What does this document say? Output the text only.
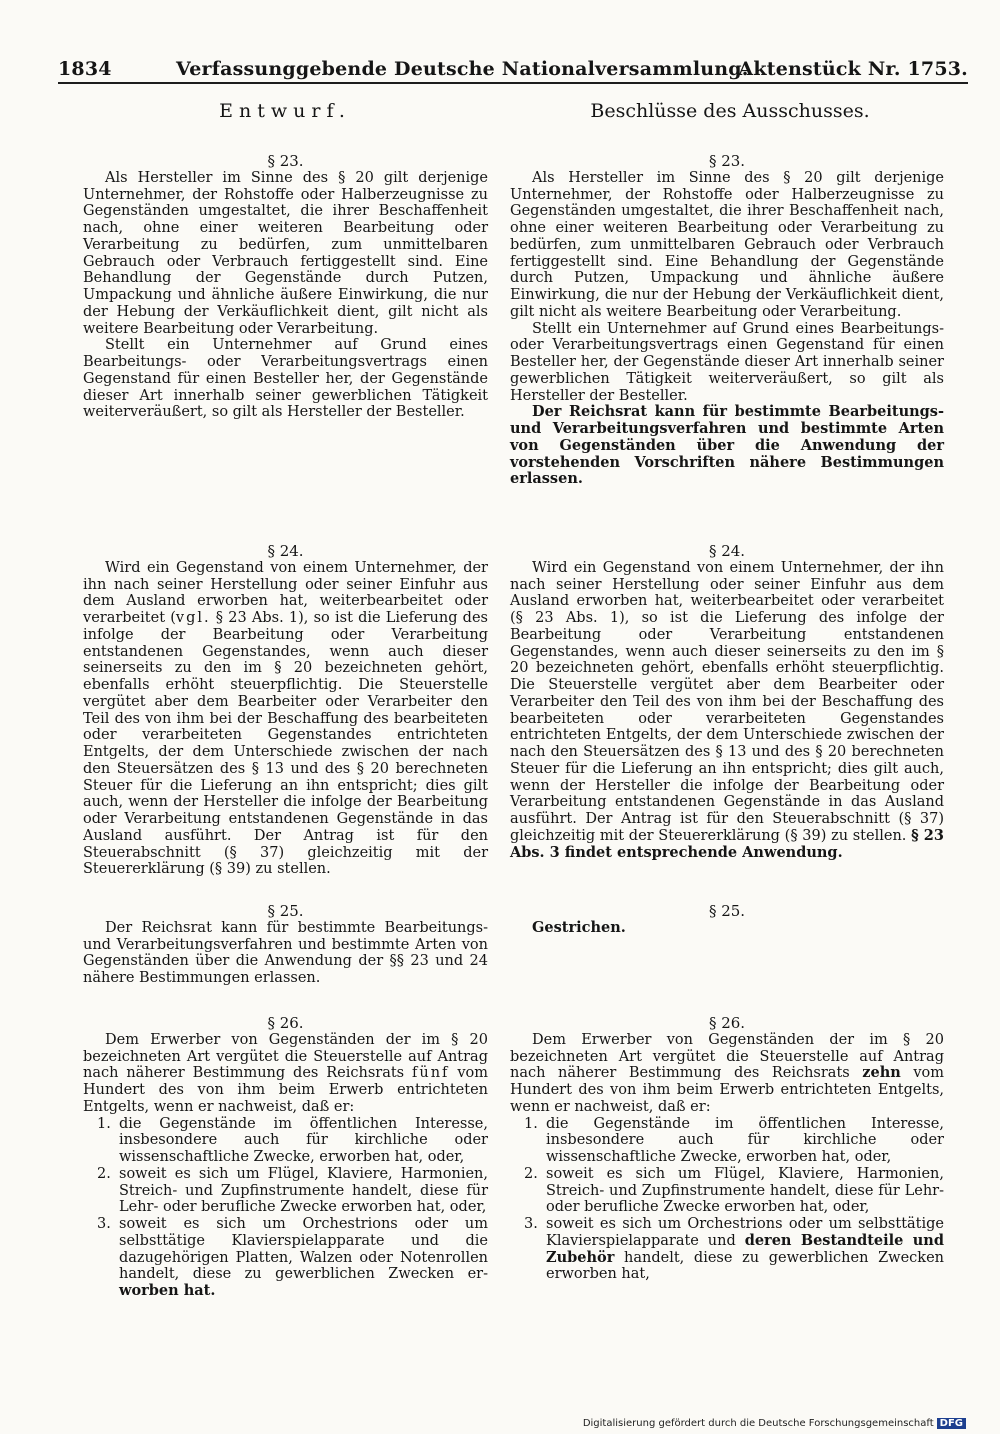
1834	Verfassunggebende Deutsche Nationalversammlung.
Aktenstück Nr. 1753.
Entwurf.	Beschlüsse des Ausschusses.
§ 23.

Als Hersteller im Sinne des § 20 gilt derjenige Unternehmer, der Rohstoffe oder Halberzeugnisse zu Gegenständen umgestaltet, die ihrer Beschaffenheit nach, ohne einer weiteren Bearbeitung oder Verarbeitung zu bedürfen, zum unmittelbaren Gebrauch oder Verbrauch fertiggestellt sind. Eine Behandlung der Gegenstände durch Putzen, Umpackung und ähnliche äußere Einwirkung, die nur der Hebung der Verkäuflichkeit dient, gilt nicht als weitere Bearbeitung oder Verarbeitung.

Stellt ein Unternehmer auf Grund eines Bearbeitungs- oder Verarbeitungsvertrags einen Gegenstand für einen Besteller her, der Gegenstände dieser Art innerhalb seiner gewerblichen Tätigkeit weiterveräußert, so gilt als Hersteller der Besteller.

§ 24.

Wird ein Gegenstand von einem Unternehmer, der ihn nach seiner Herstellung oder seiner Einfuhr aus dem Ausland erworben hat, weiterbearbeitet oder verarbeitet (vgl. § 23 Abs. 1), so ist die Lieferung des infolge der Bearbeitung oder Verarbeitung entstandenen Gegenstandes, wenn auch dieser seinerseits zu den im § 20 bezeichneten gehört, ebenfalls erhöht steuerpflichtig. Die Steuerstelle vergütet aber dem Bearbeiter oder Verarbeiter den Teil des von ihm bei der Beschaffung des bearbeiteten oder verarbeiteten Gegenstandes entrichteten Entgelts, der dem Unterschiede zwischen der nach den Steuersätzen des § 13 und des § 20 berechneten Steuer für die Lieferung an ihn entspricht; dies gilt auch, wenn der Hersteller die infolge der Bearbeitung oder Verarbeitung entstandenen Gegenstände in das Ausland ausführt. Der Antrag ist für den Steuerabschnitt (§ 37) gleichzeitig mit der Steuererklärung (§ 39) zu stellen.

§ 25.

Der Reichsrat kann für bestimmte Bearbeitungs- und Verarbeitungsverfahren und bestimmte Arten von Gegenständen über die Anwendung der §§ 23 und 24 nähere Bestimmungen erlassen.

§ 26.

Dem Erwerber von Gegenständen der im § 20 bezeichneten Art vergütet die Steuerstelle auf Antrag nach näherer Bestimmung des Reichsrats fünf vom Hundert des von ihm beim Erwerb entrichteten Entgelts, wenn er nachweist, daß er:

1. die Gegenstände im öffentlichen Interesse, insbesondere auch für kirchliche oder wissenschaftliche Zwecke, erworben hat, oder,
2. soweit es sich um Flügel, Klaviere, Harmonien, Streich- und Zupfinstrumente handelt, diese für Lehr- oder berufliche Zwecke erworben hat, oder,
3. soweit es sich um Orchestrions oder um selbsttätige Klavierspielapparate und die dazugehörigen Platten, Walzen oder Notenrollen handelt, diese zu gewerblichen Zwecken er- worben hat.
§ 23.

Als Hersteller im Sinne des § 20 gilt derjenige Unternehmer, der Rohstoffe oder Halberzeugnisse zu Gegenständen umgestaltet, die ihrer Beschaffenheit nach, ohne einer weiteren Bearbeitung oder Verarbeitung zu bedürfen, zum unmittelbaren Gebrauch oder Verbrauch fertiggestellt sind. Eine Behandlung der Gegenstände durch Putzen, Umpackung und ähnliche äußere Einwirkung, die nur der Hebung der Verkäuflichkeit dient, gilt nicht als weitere Bearbeitung oder Verarbeitung.

Stellt ein Unternehmer auf Grund eines Bearbeitungs- oder Verarbeitungsvertrags einen Gegenstand für einen Besteller her, der Gegenstände dieser Art innerhalb seiner gewerblichen Tätigkeit weiterveräußert, so gilt als Hersteller der Besteller.

Der Reichsrat kann für bestimmte Bearbeitungs- und Verarbeitungsverfahren und bestimmte Arten von Gegenständen über die Anwendung der vorstehenden Vorschriften nähere Bestimmungen erlassen.

§ 24.

Wird ein Gegenstand von einem Unternehmer, der ihn nach seiner Herstellung oder seiner Einfuhr aus dem Ausland erworben hat, weiterbearbeitet oder verarbeitet (§ 23 Abs. 1), so ist die Lieferung des infolge der Bearbeitung oder Verarbeitung entstandenen Gegenstandes, wenn auch dieser seinerseits zu den im § 20 bezeichneten gehört, ebenfalls erhöht steuerpflichtig. Die Steuerstelle vergütet aber dem Bearbeiter oder Verarbeiter den Teil des von ihm bei der Beschaffung des bearbeiteten oder verarbeiteten Gegenstandes entrichteten Entgelts, der dem Unterschiede zwischen der nach den Steuersätzen des § 13 und des § 20 berechneten Steuer für die Lieferung an ihn entspricht; dies gilt auch, wenn der Hersteller die infolge der Bearbeitung oder Verarbeitung entstandenen Gegenstände in das Ausland ausführt. Der Antrag ist für den Steuerabschnitt (§ 37) gleichzeitig mit der Steuererklärung (§ 39) zu stellen. § 23 Abs. 3 findet entsprechende Anwendung.

§ 25.

Gestrichen.

§ 26.

Dem Erwerber von Gegenständen der im § 20 bezeichneten Art vergütet die Steuerstelle auf Antrag nach näherer Bestimmung des Reichsrats zehn vom Hundert des von ihm beim Erwerb entrichteten Entgelts, wenn er nachweist, daß er:

1. die Gegenstände im öffentlichen Interesse, insbesondere auch für kirchliche oder wissenschaftliche Zwecke, erworben hat, oder,
2. soweit es sich um Flügel, Klaviere, Harmonien, Streich- und Zupfinstrumente handelt, diese für Lehr- oder berufliche Zwecke erworben hat, oder,
3. soweit es sich um Orchestrions oder um selbsttätige Klavierspielapparate und deren Bestandteile und Zubehör handelt, diese zu gewerblichen Zwecken erworben hat,
Digitalisierung gefördert durch die Deutsche Forschungsgemeinschaft DFG
